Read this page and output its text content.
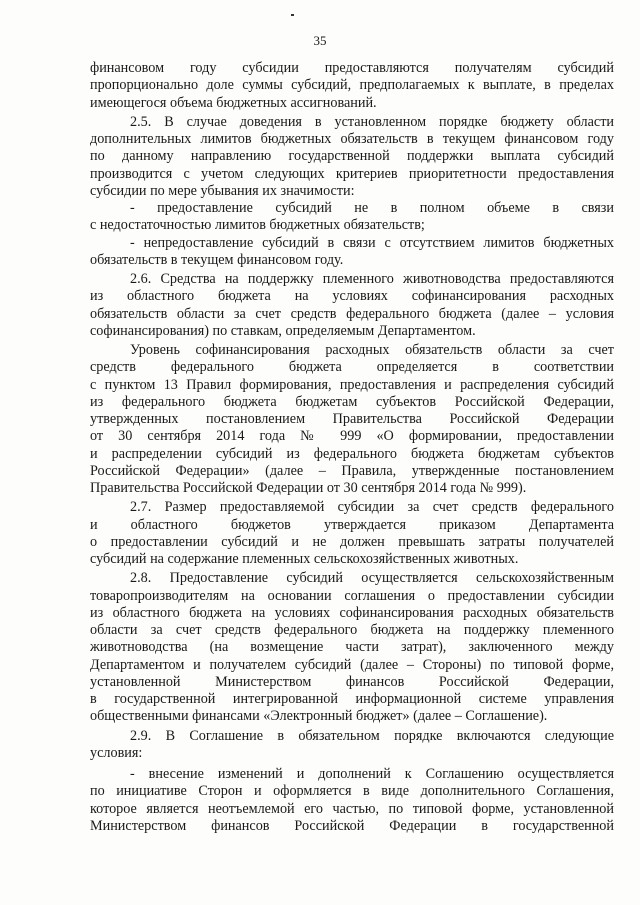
35

финансовом году субсидии предоставляются получателям субсидий
пропорционально доле суммы субсидий, предполагаемых к выплате, в пределах
имеющегося объема бюджетных ассигнований.

2.5. В случае доведения в установленном порядке бюджету области
дополнительных лимитов бюджетных обязательств в текущем финансовом году
по данному направлению государственной поддержки выплата субсидий
производится с учетом следующих критериев приоритетности предоставления
субсидии по мере убывания их значимости:

- предоставление субсидий не в полном объеме в связи
с недостаточностью лимитов бюджетных обязательств;

- непредоставление субсидий в связи с отсутствием лимитов бюджетных
обязательств в текущем финансовом году.

2.6. Средства на поддержку племенного животноводства предоставляются
из областного бюджета на условиях софинансирования расходных
обязательств области за счет средств федерального бюджета (далее – условия
софинансирования) по ставкам, определяемым Департаментом.

Уровень софинансирования расходных обязательств области за счет
средств федерального бюджета определяется в соответствии
с пунктом 13 Правил формирования, предоставления и распределения субсидий
из федерального бюджета бюджетам субъектов Российской Федерации,
утвержденных постановлением Правительства Российской Федерации
от 30 сентября 2014 года № 999 «О формировании, предоставлении
и распределении субсидий из федерального бюджета бюджетам субъектов
Российской Федерации» (далее – Правила, утвержденные постановлением
Правительства Российской Федерации от 30 сентября 2014 года № 999).

2.7. Размер предоставляемой субсидии за счет средств федерального
и областного бюджетов утверждается приказом Департамента
о предоставлении субсидий и не должен превышать затраты получателей
субсидий на содержание племенных сельскохозяйственных животных.

2.8. Предоставление субсидий осуществляется сельскохозяйственным
товаропроизводителям на основании соглашения о предоставлении субсидии
из областного бюджета на условиях софинансирования расходных обязательств
области за счет средств федерального бюджета на поддержку племенного
животноводства (на возмещение части затрат), заключенного между
Департаментом и получателем субсидий (далее – Стороны) по типовой форме,
установленной Министерством финансов Российской Федерации,
в государственной интегрированной информационной системе управления
общественными финансами «Электронный бюджет» (далее – Соглашение).

2.9. В Соглашение в обязательном порядке включаются следующие
условия:

- внесение изменений и дополнений к Соглашению осуществляется
по инициативе Сторон и оформляется в виде дополнительного Соглашения,
которое является неотъемлемой его частью, по типовой форме, установленной
Министерством финансов Российской Федерации в государственной
